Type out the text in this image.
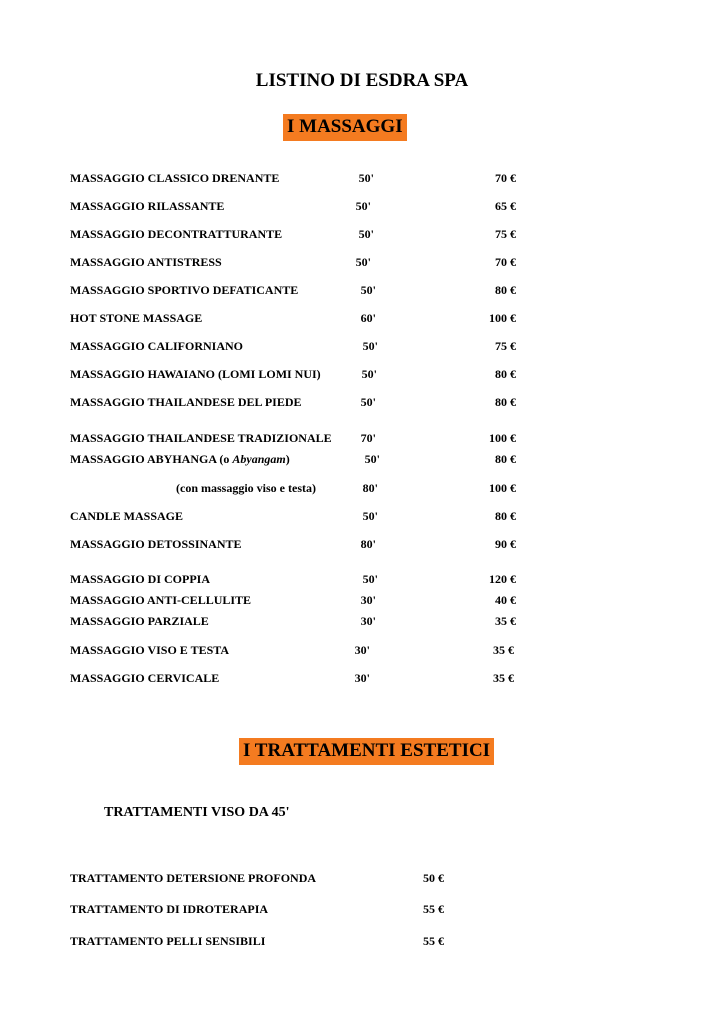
LISTINO DI ESDRA SPA
I MASSAGGI
MASSAGGIO CLASSICO DRENANTE	50'	70 €
MASSAGGIO RILASSANTE	50'	65 €
MASSAGGIO DECONTRATTURANTE	50'	75 €
MASSAGGIO ANTISTRESS	50'	70 €
MASSAGGIO SPORTIVO DEFATICANTE	50'	80 €
HOT STONE MASSAGE	60'	100 €
MASSAGGIO CALIFORNIANO	50'	75 €
MASSAGGIO HAWAIANO (LOMI LOMI NUI)	50'	80 €
MASSAGGIO THAILANDESE DEL PIEDE	50'	80 €
MASSAGGIO THAILANDESE TRADIZIONALE	70'	100 €
MASSAGGIO ABYHANGA (o Abyangam)	50'	80 €
(con massaggio viso e testa)	80'	100 €
CANDLE MASSAGE	50'	80 €
MASSAGGIO DETOSSINANTE	80'	90 €
MASSAGGIO DI COPPIA	50'	120 €
MASSAGGIO ANTI-CELLULITE	30'	40 €
MASSAGGIO PARZIALE	30'	35 €
MASSAGGIO VISO E TESTA	30'	35 €
MASSAGGIO CERVICALE	30'	35 €
I TRATTAMENTI ESTETICI
TRATTAMENTI VISO DA 45'
TRATTAMENTO DETERSIONE PROFONDA	50 €
TRATTAMENTO DI IDROTERAPIA	55 €
TRATTAMENTO PELLI SENSIBILI	55 €
